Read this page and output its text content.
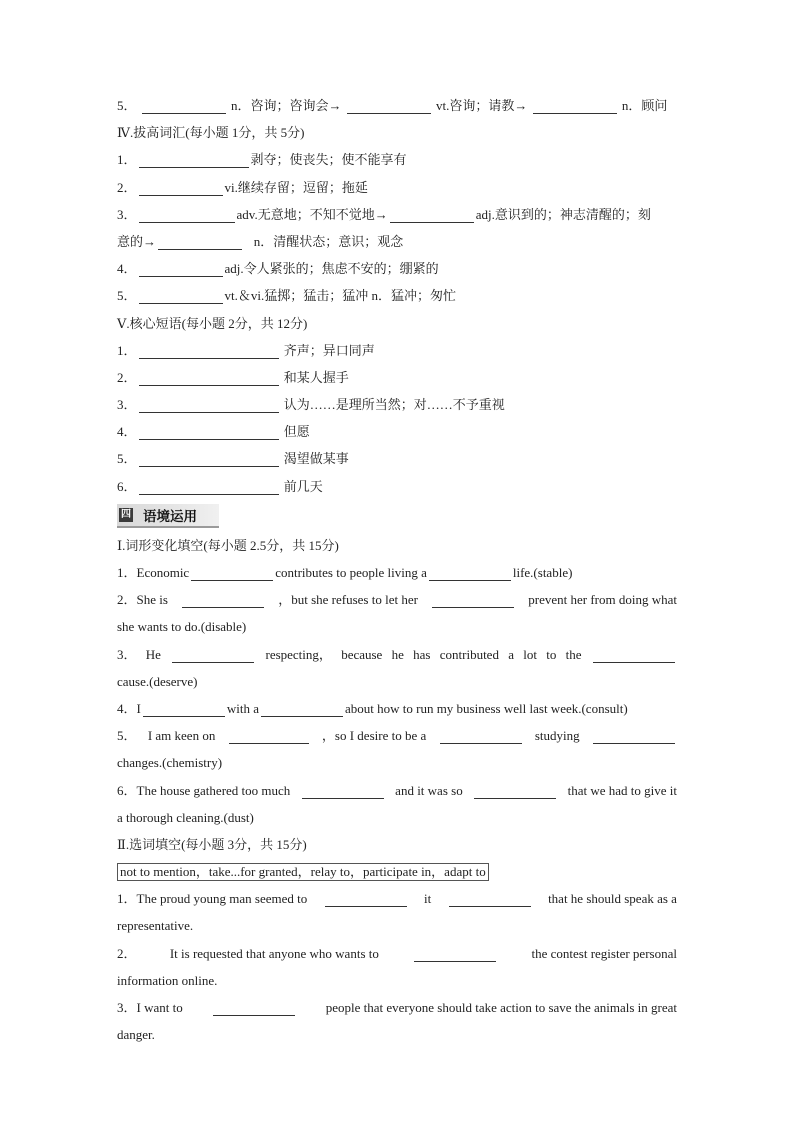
5．	n．咨询；咨询会→	vt.咨询；请教→	n．顾问
Ⅳ.拔高词汇(每小题 1分，共 5分)
1．	剥夺；使丧失；使不能享有
2．	vi.继续存留；逗留；拖延
3．	adv.无意地；不知不觉地→	adj.意识到的；神志清醒的；刻
意的→	n．清醒状态；意识；观念
4．	adj.令人紧张的；焦虑不安的；绷紧的
5．	vt.＆vi.猛掷；猛击；猛冲 n．猛冲；匆忙
Ⅴ.核心短语(每小题 2分，共 12分)
1．	齐声；异口同声
2．	和某人握手
3．	认为……是理所当然；对……不予重视
4．	但愿
5．	渴望做某事
6．	前几天
四 语境运用
Ⅰ.词形变化填空(每小题 2.5分，共 15分)
1．Economic	contributes to people living a	life.(stable)
2．She is	，but she refuses to let her	prevent her from doing what
she wants to do.(disable)
3． He	respecting， because he has contributed a lot to the
cause.(deserve)
4．I	with a	about how to run my business well last week.(consult)
5． I am keen on	，so I desire to be a	studying
changes.(chemistry)
6．The house gathered too much	and it was so	that we had to give it
a thorough cleaning.(dust)
Ⅱ.选词填空(每小题 3分，共 15分)
not to mention，take...for granted，relay to，participate in，adapt to
1．The proud young man seemed to	it	that he should speak as a
representative.
2．	It is requested that anyone who wants to	the contest register personal
information online.
3．I want to	people that everyone should take action to save the animals in great
danger.
